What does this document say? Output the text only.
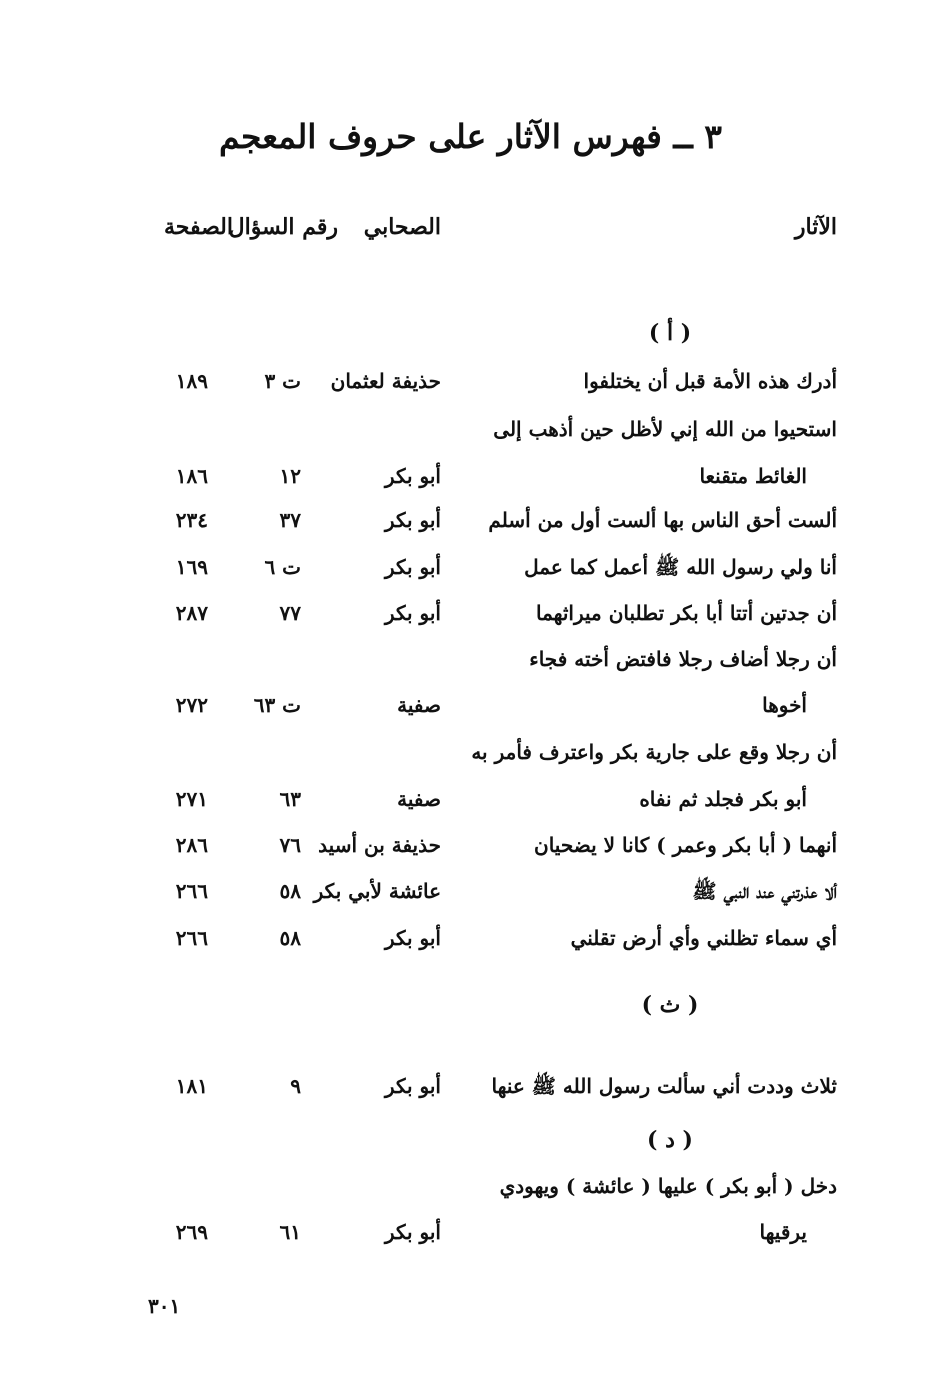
٣ ــ فهرس الآثار على حروف المعجم
الآثار
الصحابي
رقم السؤال
الصفحة
( أ )
أدرك هذه الأمة قبل أن يختلفوا
حذيفة لعثمان
ت ٣
١٨٩
استحيوا من الله إني لأظل حين أذهب إلى
الغائط متقنعا
أبو بكر
١٢
١٨٦
ألست أحق الناس بها ألست أول من أسلم
أبو بكر
٣٧
٢٣٤
أنا ولي رسول الله ﷺ أعمل كما عمل
أبو بكر
ت ٦
١٦٩
أن جدتين أتتا أبا بكر تطلبان ميراثهما
أبو بكر
٧٧
٢٨٧
أن رجلا أضاف رجلا فافتض أخته فجاء
أخوها
صفية
ت ٦٣
٢٧٢
أن رجلا وقع على جارية بكر واعترف فأمر به
أبو بكر فجلد ثم نفاه
صفية
٦٣
٢٧١
أنهما ( أبا بكر وعمر ) كانا لا يضحيان
حذيفة بن أسيد
٧٦
٢٨٦
ألا عذرتني عند النبي ﷺ
عائشة لأبي بكر
٥٨
٢٦٦
أي سماء تظلني وأي أرض تقلني
أبو بكر
٥٨
٢٦٦
( ث )
ثلاث وددت أني سألت رسول الله ﷺ عنها
أبو بكر
٩
١٨١
( د )
دخل ( أبو بكر ) عليها ( عائشة ) ويهودي
يرقيها
أبو بكر
٦١
٢٦٩
٣٠١
